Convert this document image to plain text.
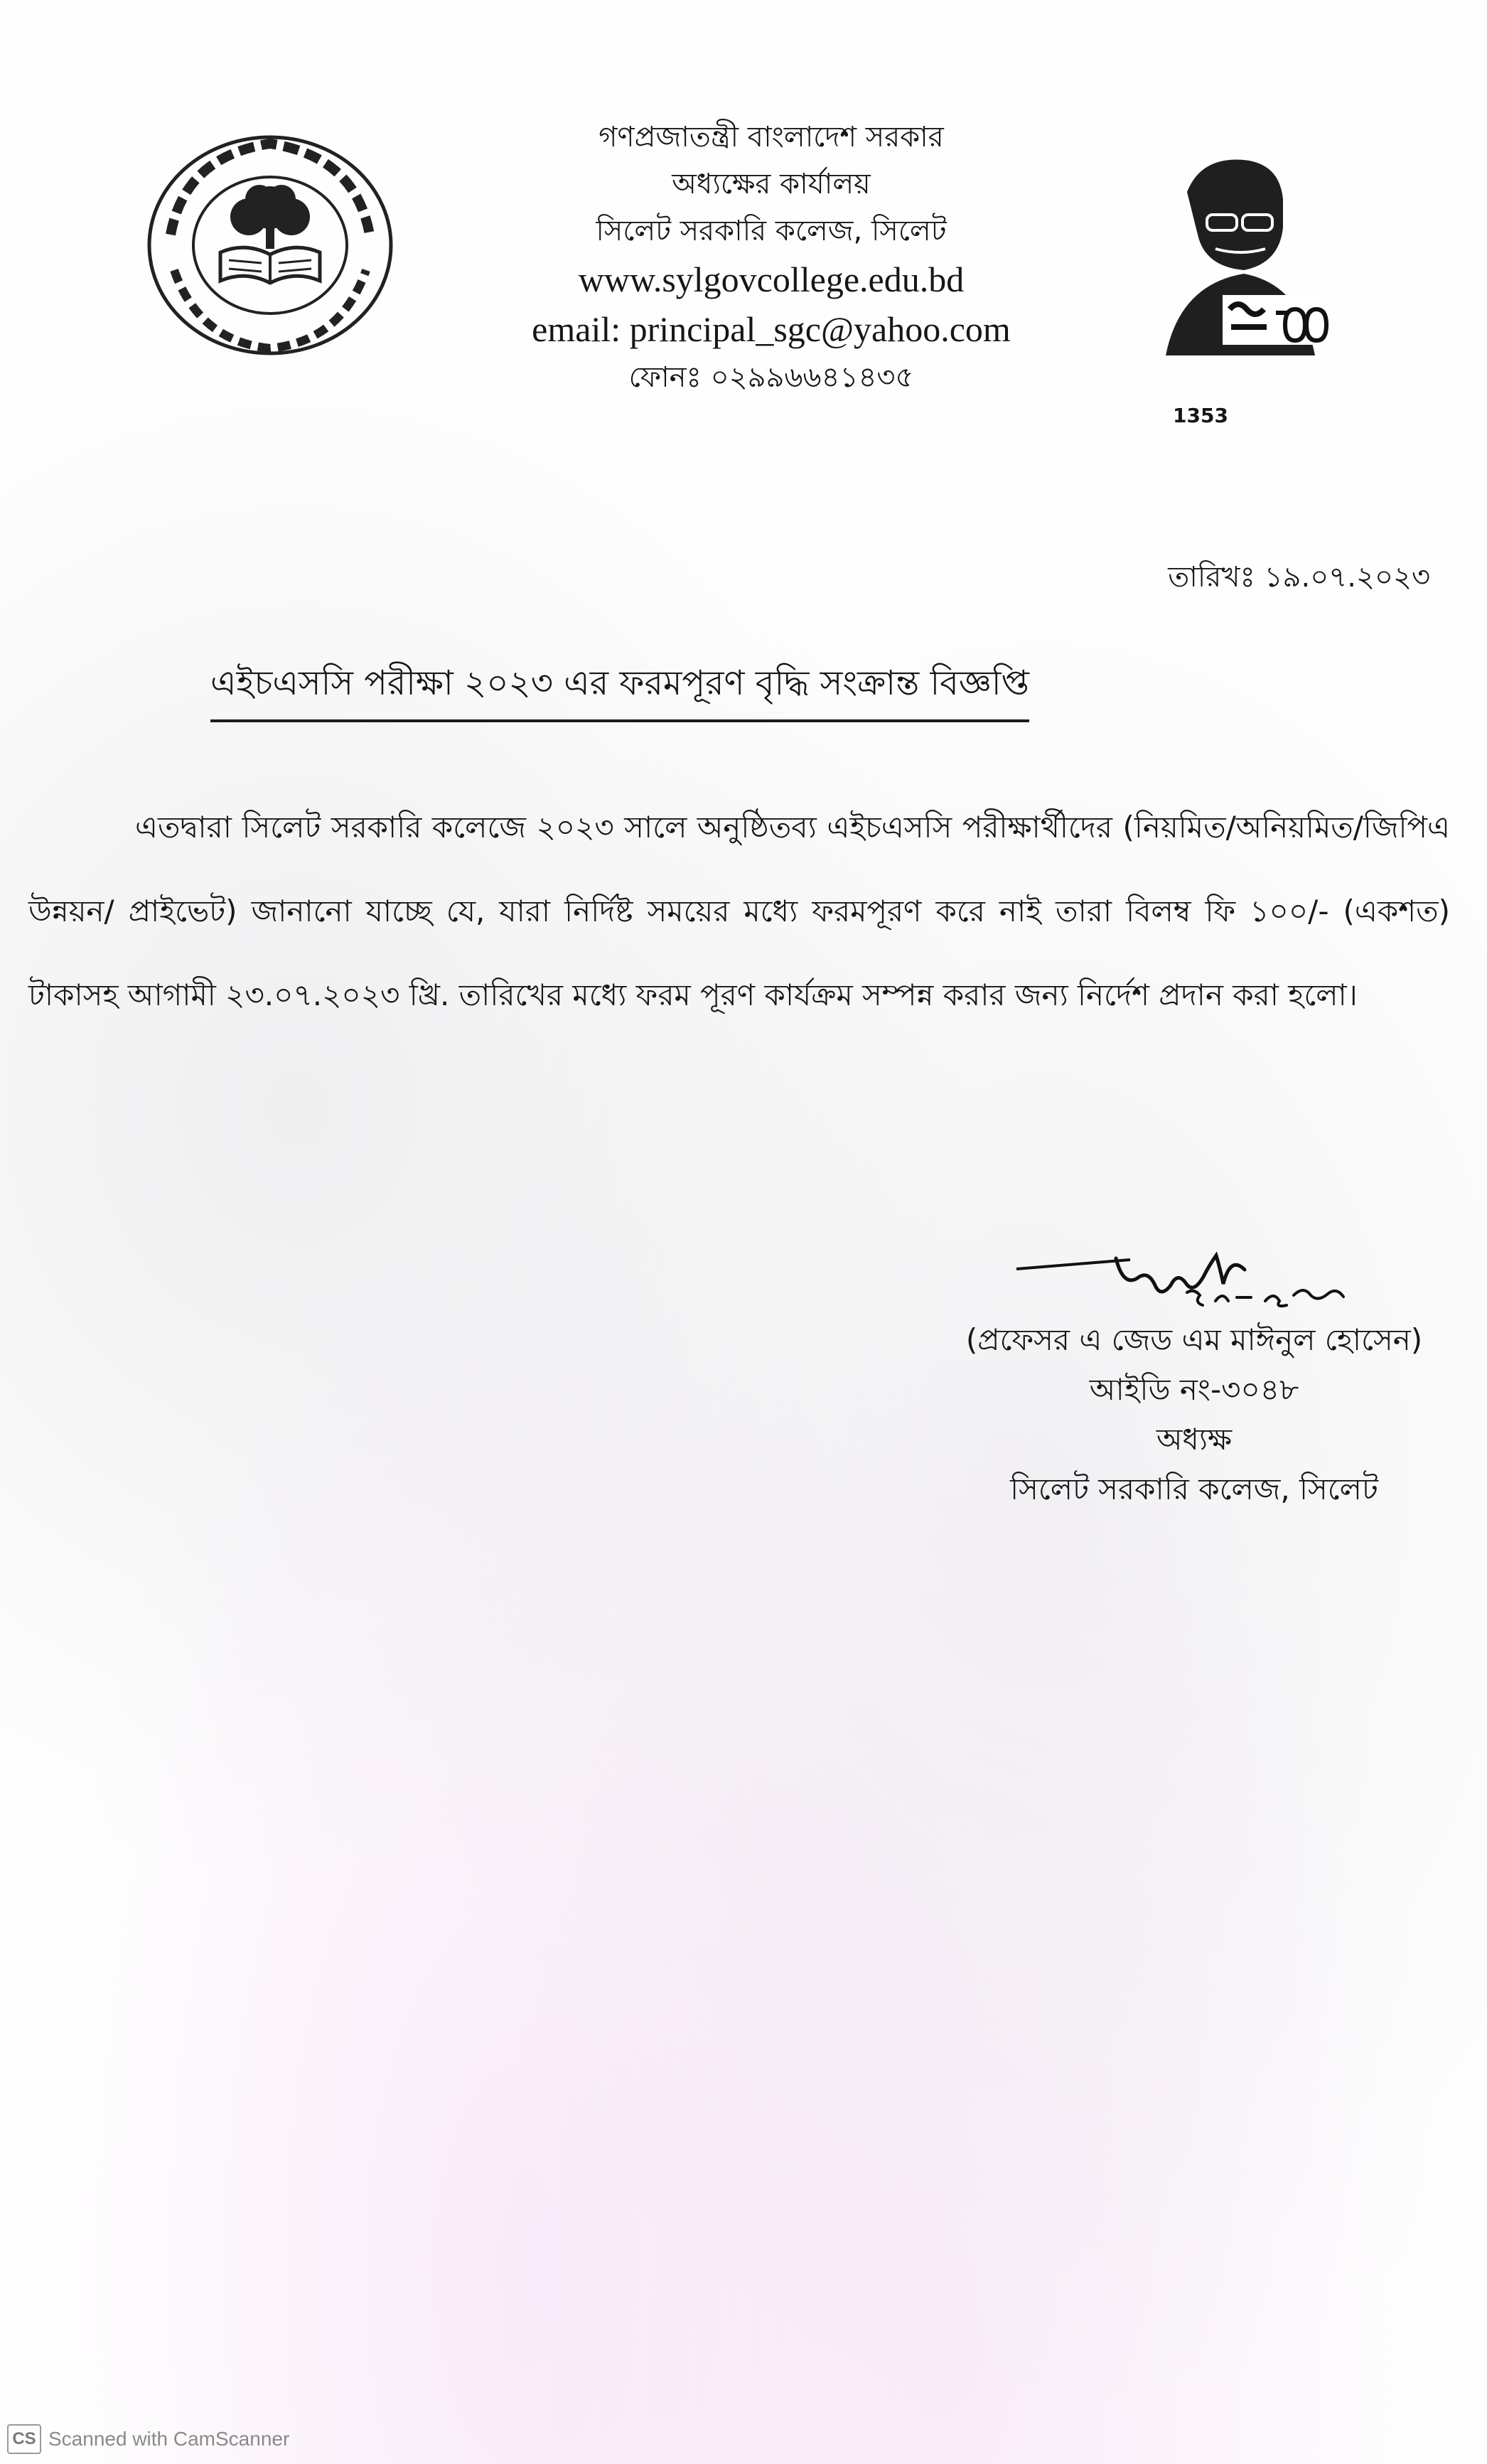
গণপ্রজাতন্ত্রী বাংলাদেশ সরকার
অধ্যক্ষের কার্যালয়
সিলেট সরকারি কলেজ, সিলেট
www.sylgovcollege.edu.bd
email: principal_sgc@yahoo.com
ফোনঃ ০২৯৯৬৬৪১৪৩৫
1353
তারিখঃ ১৯.০৭.২০২৩
এইচএসসি পরীক্ষা ২০২৩ এর ফরমপূরণ বৃদ্ধি সংক্রান্ত বিজ্ঞপ্তি
এতদ্বারা সিলেট সরকারি কলেজে ২০২৩ সালে অনুষ্ঠিতব্য এইচএসসি পরীক্ষার্থীদের (নিয়মিত/অনিয়মিত/জিপিএ উন্নয়ন/ প্রাইভেট) জানানো যাচ্ছে যে, যারা নির্দিষ্ট সময়ের মধ্যে ফরমপূরণ করে নাই তারা বিলম্ব ফি ১০০/- (একশত) টাকাসহ আগামী ২৩.০৭.২০২৩ খ্রি. তারিখের মধ্যে ফরম পূরণ কার্যক্রম সম্পন্ন করার জন্য নির্দেশ প্রদান করা হলো।
(প্রফেসর এ জেড এম মাঈনুল হোসেন)
আইডি নং-৩০৪৮
অধ্যক্ষ
সিলেট সরকারি কলেজ, সিলেট
CS Scanned with CamScanner
